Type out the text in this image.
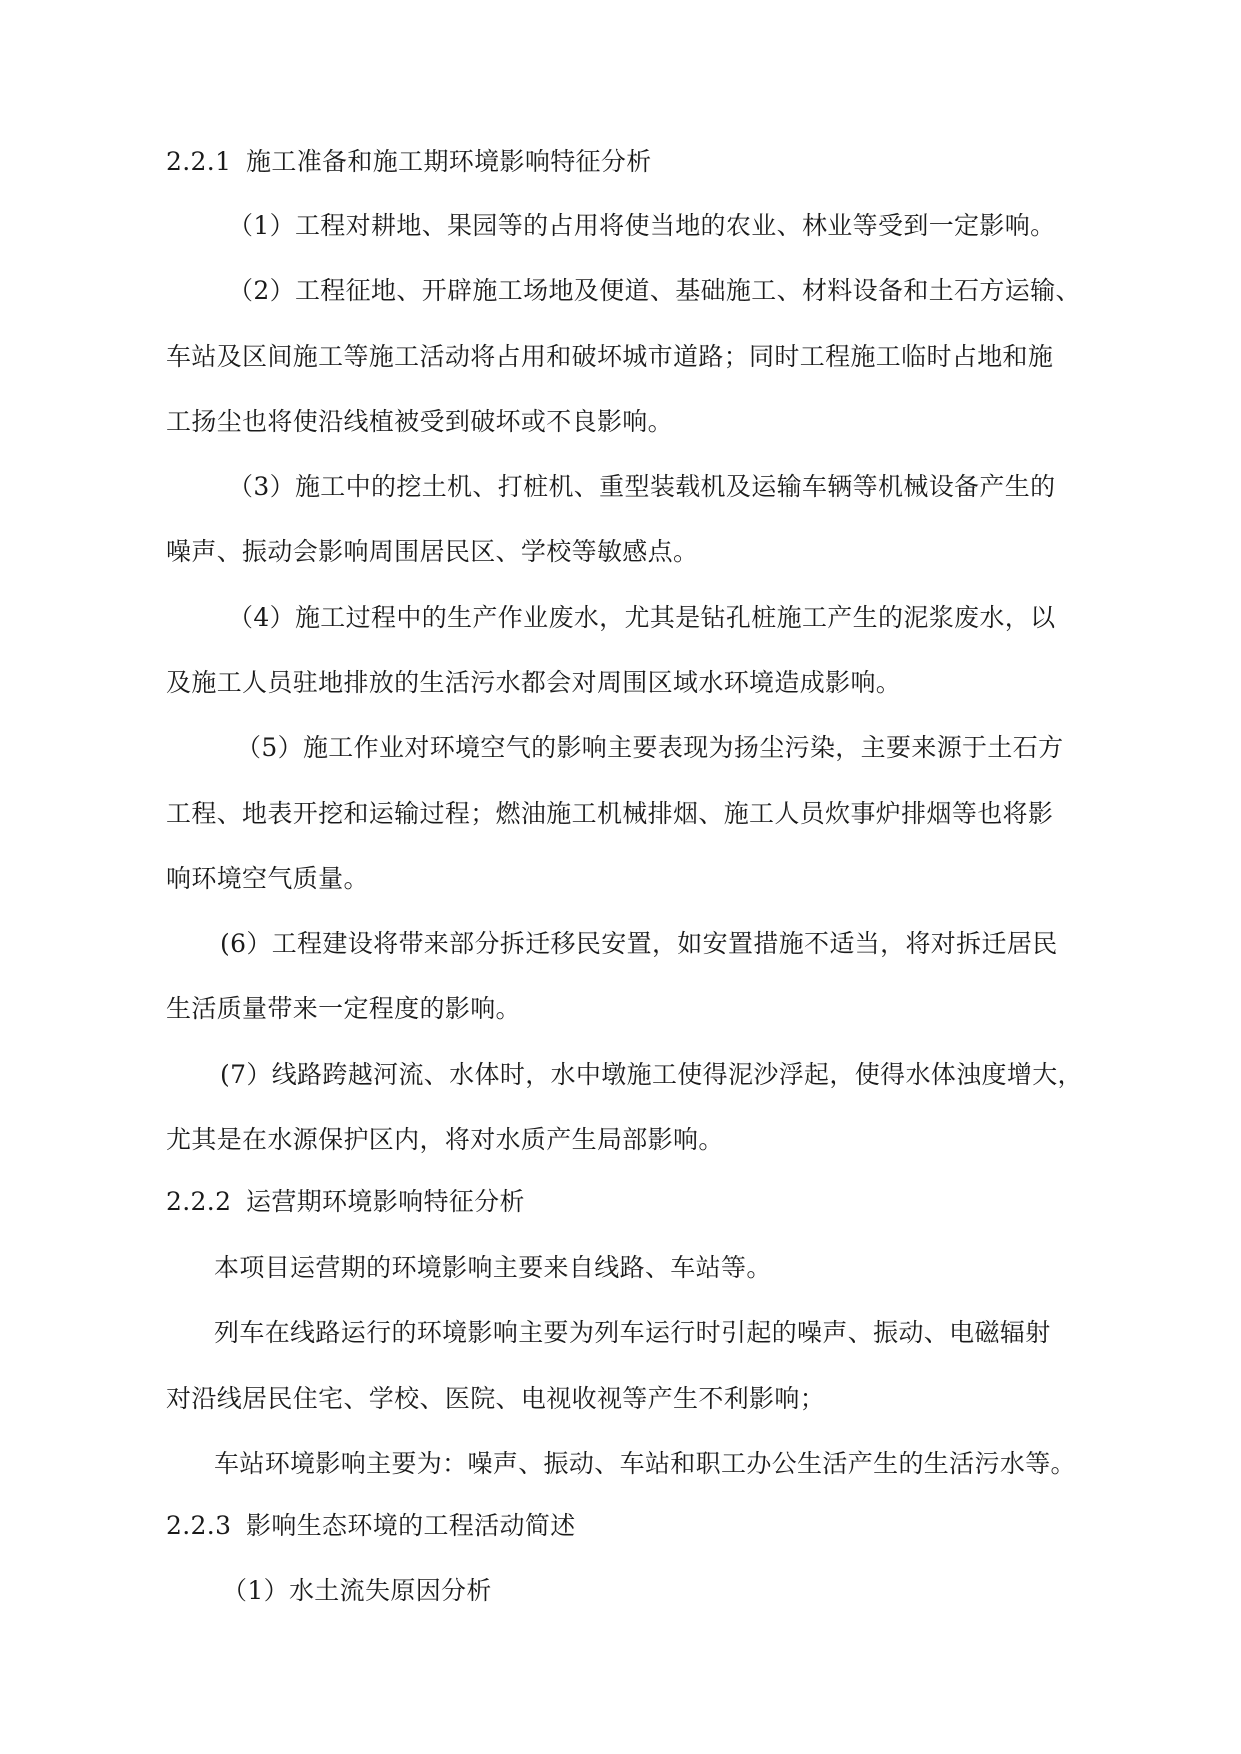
2.2.1 施工准备和施工期环境影响特征分析

（1）工程对耕地、果园等的占用将使当地的农业、林业等受到一定影响。

（2）工程征地、开辟施工场地及便道、基础施工、材料设备和土石方运输、

车站及区间施工等施工活动将占用和破坏城市道路；同时工程施工临时占地和施

工扬尘也将使沿线植被受到破坏或不良影响。

（3）施工中的挖土机、打桩机、重型装载机及运输车辆等机械设备产生的

噪声、振动会影响周围居民区、学校等敏感点。

（4）施工过程中的生产作业废水，尤其是钻孔桩施工产生的泥浆废水，以

及施工人员驻地排放的生活污水都会对周围区域水环境造成影响。

（5）施工作业对环境空气的影响主要表现为扬尘污染，主要来源于土石方

工程、地表开挖和运输过程；燃油施工机械排烟、施工人员炊事炉排烟等也将影

响环境空气质量。

(6）工程建设将带来部分拆迁移民安置，如安置措施不适当，将对拆迁居民

生活质量带来一定程度的影响。

(7）线路跨越河流、水体时，水中墩施工使得泥沙浮起，使得水体浊度增大，

尤其是在水源保护区内，将对水质产生局部影响。

2.2.2 运营期环境影响特征分析

本项目运营期的环境影响主要来自线路、车站等。

列车在线路运行的环境影响主要为列车运行时引起的噪声、振动、电磁辐射

对沿线居民住宅、学校、医院、电视收视等产生不利影响；

车站环境影响主要为：噪声、振动、车站和职工办公生活产生的生活污水等。

2.2.3 影响生态环境的工程活动简述

（1）水土流失原因分析
